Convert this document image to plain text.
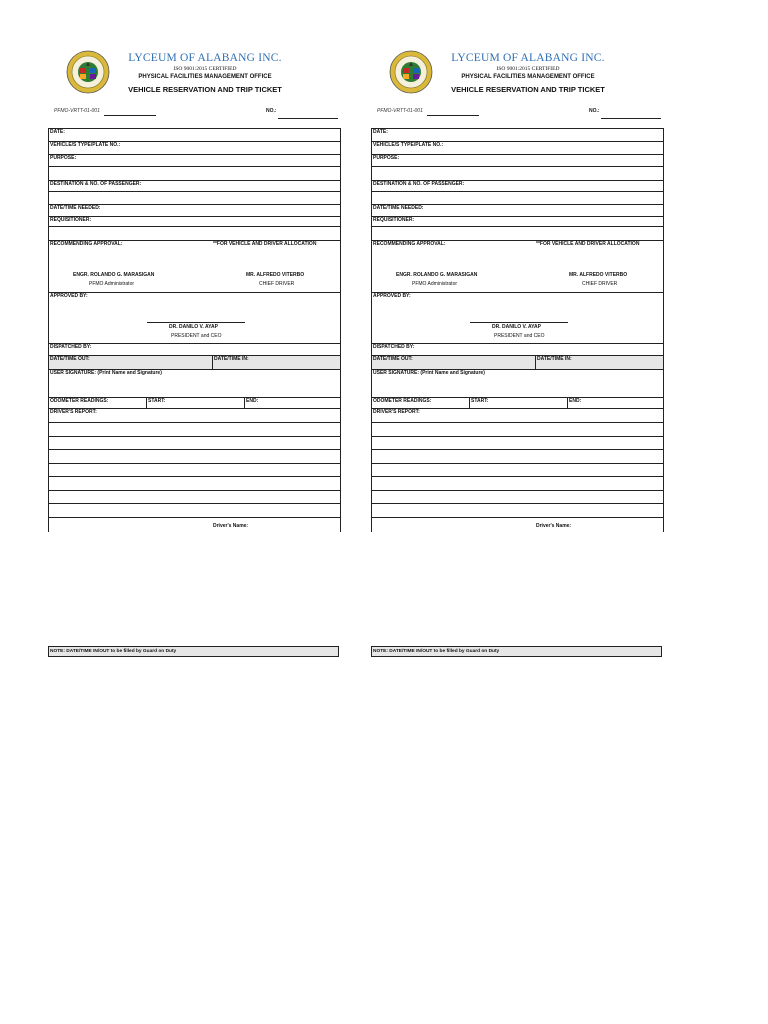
LYCEUM OF ALABANG INC.
ISO 9001:2015 CERTIFIED
PHYSICAL FACILITIES MANAGEMENT OFFICE
VEHICLE RESERVATION AND TRIP TICKET
PFMO-VRTT-01-001	NO.:
DATE:
VEHICLE/S TYPE/PLATE NO.:
PURPOSE:
DESTINATION & NO. OF PASSENGER:
DATE/TIME NEEDED:
REQUISITIONER:
RECOMMENDING APPROVAL:	**FOR VEHICLE AND DRIVER ALLOCATION
ENGR. ROLANDO G. MARASIGAN
PFMO Administrator
MR. ALFREDO VITERBO
CHIEF DRIVER
APPROVED BY:
DR. DANILO V. AYAP
PRESIDENT and CEO
DISPATCHED BY:
DATE/TIME OUT:	DATE/TIME IN:
USER SIGNATURE: (Print Name and Signature)
ODOMETER READINGS:	START:	END:
DRIVER'S REPORT:
Driver's Name:
NOTE: DATE/TIME IN/OUT to be filled by Guard on Duty
LYCEUM OF ALABANG INC.
ISO 9001:2015 CERTIFIED
PHYSICAL FACILITIES MANAGEMENT OFFICE
VEHICLE RESERVATION AND TRIP TICKET
PFMO-VRTT-01-001	NO.:
DATE:
VEHICLE/S TYPE/PLATE NO.:
PURPOSE:
DESTINATION & NO. OF PASSENGER:
DATE/TIME NEEDED:
REQUISITIONER:
RECOMMENDING APPROVAL:	**FOR VEHICLE AND DRIVER ALLOCATION
ENGR. ROLANDO G. MARASIGAN
PFMO Administrator
MR. ALFREDO VITERBO
CHIEF DRIVER
APPROVED BY:
DR. DANILO V. AYAP
PRESIDENT and CEO
DISPATCHED BY:
DATE/TIME OUT:	DATE/TIME IN:
USER SIGNATURE: (Print Name and Signature)
ODOMETER READINGS:	START:	END:
DRIVER'S REPORT:
Driver's Name:
NOTE: DATE/TIME IN/OUT to be filled by Guard on Duty
